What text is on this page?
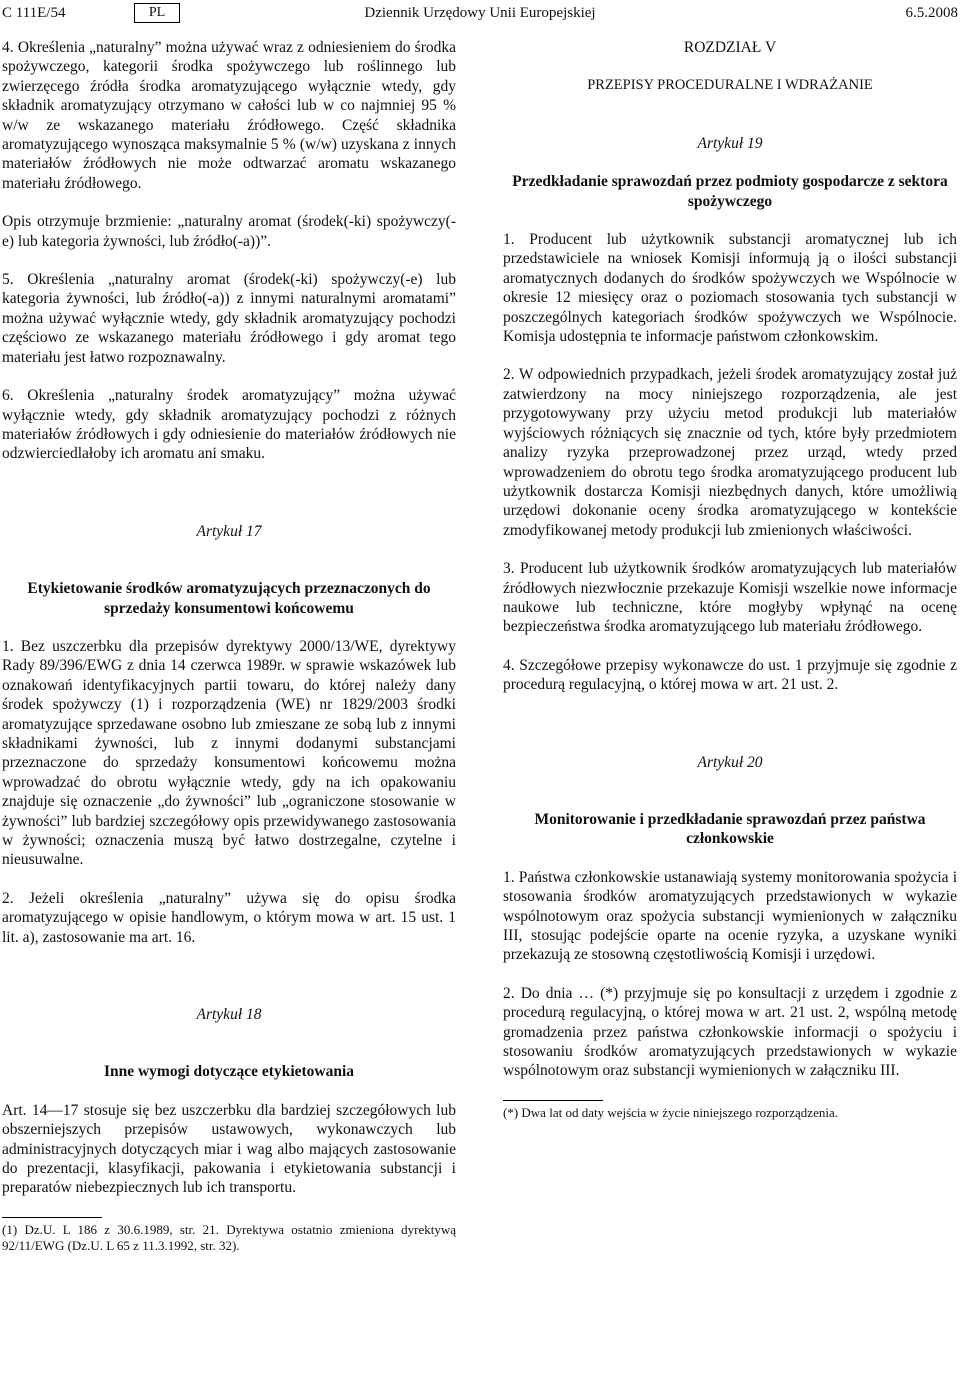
C 111E/54	PL	Dziennik Urzędowy Unii Europejskiej	6.5.2008

4. Określenia „naturalny” można używać wraz z odniesieniem do środka spożywczego, kategorii środka spożywczego lub roślinnego lub zwierzęcego źródła środka aromatyzującego wyłącznie wtedy, gdy składnik aromatyzujący otrzymano w całości lub w co najmniej 95 % w/w ze wskazanego materiału źródłowego. Część składnika aromatyzującego wynosząca maksymalnie 5 % (w/w) uzyskana z innych materiałów źródłowych nie może odtwarzać aromatu wskazanego materiału źródłowego.

Opis otrzymuje brzmienie: „naturalny aromat (środek(-ki) spożywczy(-e) lub kategoria żywności, lub źródło(-a))”.

5. Określenia „naturalny aromat (środek(-ki) spożywczy(-e) lub kategoria żywności, lub źródło(-a)) z innymi naturalnymi aromatami” można używać wyłącznie wtedy, gdy składnik aromatyzujący pochodzi częściowo ze wskazanego materiału źródłowego i gdy aromat tego materiału jest łatwo rozpoznawalny.

6. Określenia „naturalny środek aromatyzujący” można używać wyłącznie wtedy, gdy składnik aromatyzujący pochodzi z różnych materiałów źródłowych i gdy odniesienie do materiałów źródłowych nie odzwierciedlałoby ich aromatu ani smaku.

Artykuł 17

Etykietowanie środków aromatyzujących przeznaczonych do sprzedaży konsumentowi końcowemu

1. Bez uszczerbku dla przepisów dyrektywy 2000/13/WE, dyrektywy Rady 89/396/EWG z dnia 14 czerwca 1989r. w sprawie wskazówek lub oznakowań identyfikacyjnych partii towaru, do której należy dany środek spożywczy (1) i rozporządzenia (WE) nr 1829/2003 środki aromatyzujące sprzedawane osobno lub zmieszane ze sobą lub z innymi składnikami żywności, lub z innymi dodanymi substancjami przeznaczone do sprzedaży konsumentowi końcowemu można wprowadzać do obrotu wyłącznie wtedy, gdy na ich opakowaniu znajduje się oznaczenie „do żywności” lub „ograniczone stosowanie w żywności” lub bardziej szczegółowy opis przewidywanego zastosowania w żywności; oznaczenia muszą być łatwo dostrzegalne, czytelne i nieusuwalne.

2. Jeżeli określenia „naturalny” używa się do opisu środka aromatyzującego w opisie handlowym, o którym mowa w art. 15 ust. 1 lit. a), zastosowanie ma art. 16.

Artykuł 18

Inne wymogi dotyczące etykietowania

Art. 14—17 stosuje się bez uszczerbku dla bardziej szczegółowych lub obszerniejszych przepisów ustawowych, wykonawczych lub administracyjnych dotyczących miar i wag albo mających zastosowanie do prezentacji, klasyfikacji, pakowania i etykietowania substancji i preparatów niebezpiecznych lub ich transportu.

(1) Dz.U. L 186 z 30.6.1989, str. 21. Dyrektywa ostatnio zmieniona dyrektywą 92/11/EWG (Dz.U. L 65 z 11.3.1992, str. 32).

ROZDZIAŁ V

PRZEPISY PROCEDURALNE I WDRAŻANIE

Artykuł 19

Przedkładanie sprawozdań przez podmioty gospodarcze z sektora spożywczego

1. Producent lub użytkownik substancji aromatycznej lub ich przedstawiciele na wniosek Komisji informują ją o ilości substancji aromatycznych dodanych do środków spożywczych we Wspólnocie w okresie 12 miesięcy oraz o poziomach stosowania tych substancji w poszczególnych kategoriach środków spożywczych we Wspólnocie. Komisja udostępnia te informacje państwom członkowskim.

2. W odpowiednich przypadkach, jeżeli środek aromatyzujący został już zatwierdzony na mocy niniejszego rozporządzenia, ale jest przygotowywany przy użyciu metod produkcji lub materiałów wyjściowych różniących się znacznie od tych, które były przedmiotem analizy ryzyka przeprowadzonej przez urząd, wtedy przed wprowadzeniem do obrotu tego środka aromatyzującego producent lub użytkownik dostarcza Komisji niezbędnych danych, które umożliwią urzędowi dokonanie oceny środka aromatyzującego w kontekście zmodyfikowanej metody produkcji lub zmienionych właściwości.

3. Producent lub użytkownik środków aromatyzujących lub materiałów źródłowych niezwłocznie przekazuje Komisji wszelkie nowe informacje naukowe lub techniczne, które mogłyby wpłynąć na ocenę bezpieczeństwa środka aromatyzującego lub materiału źródłowego.

4. Szczegółowe przepisy wykonawcze do ust. 1 przyjmuje się zgodnie z procedurą regulacyjną, o której mowa w art. 21 ust. 2.

Artykuł 20

Monitorowanie i przedkładanie sprawozdań przez państwa członkowskie

1. Państwa członkowskie ustanawiają systemy monitorowania spożycia i stosowania środków aromatyzujących przedstawionych w wykazie wspólnotowym oraz spożycia substancji wymienionych w załączniku III, stosując podejście oparte na ocenie ryzyka, a uzyskane wyniki przekazują ze stosowną częstotliwością Komisji i urzędowi.

2. Do dnia … (*) przyjmuje się po konsultacji z urzędem i zgodnie z procedurą regulacyjną, o której mowa w art. 21 ust. 2, wspólną metodę gromadzenia przez państwa członkowskie informacji o spożyciu i stosowaniu środków aromatyzujących przedstawionych w wykazie wspólnotowym oraz substancji wymienionych w załączniku III.

(*) Dwa lat od daty wejścia w życie niniejszego rozporządzenia.
